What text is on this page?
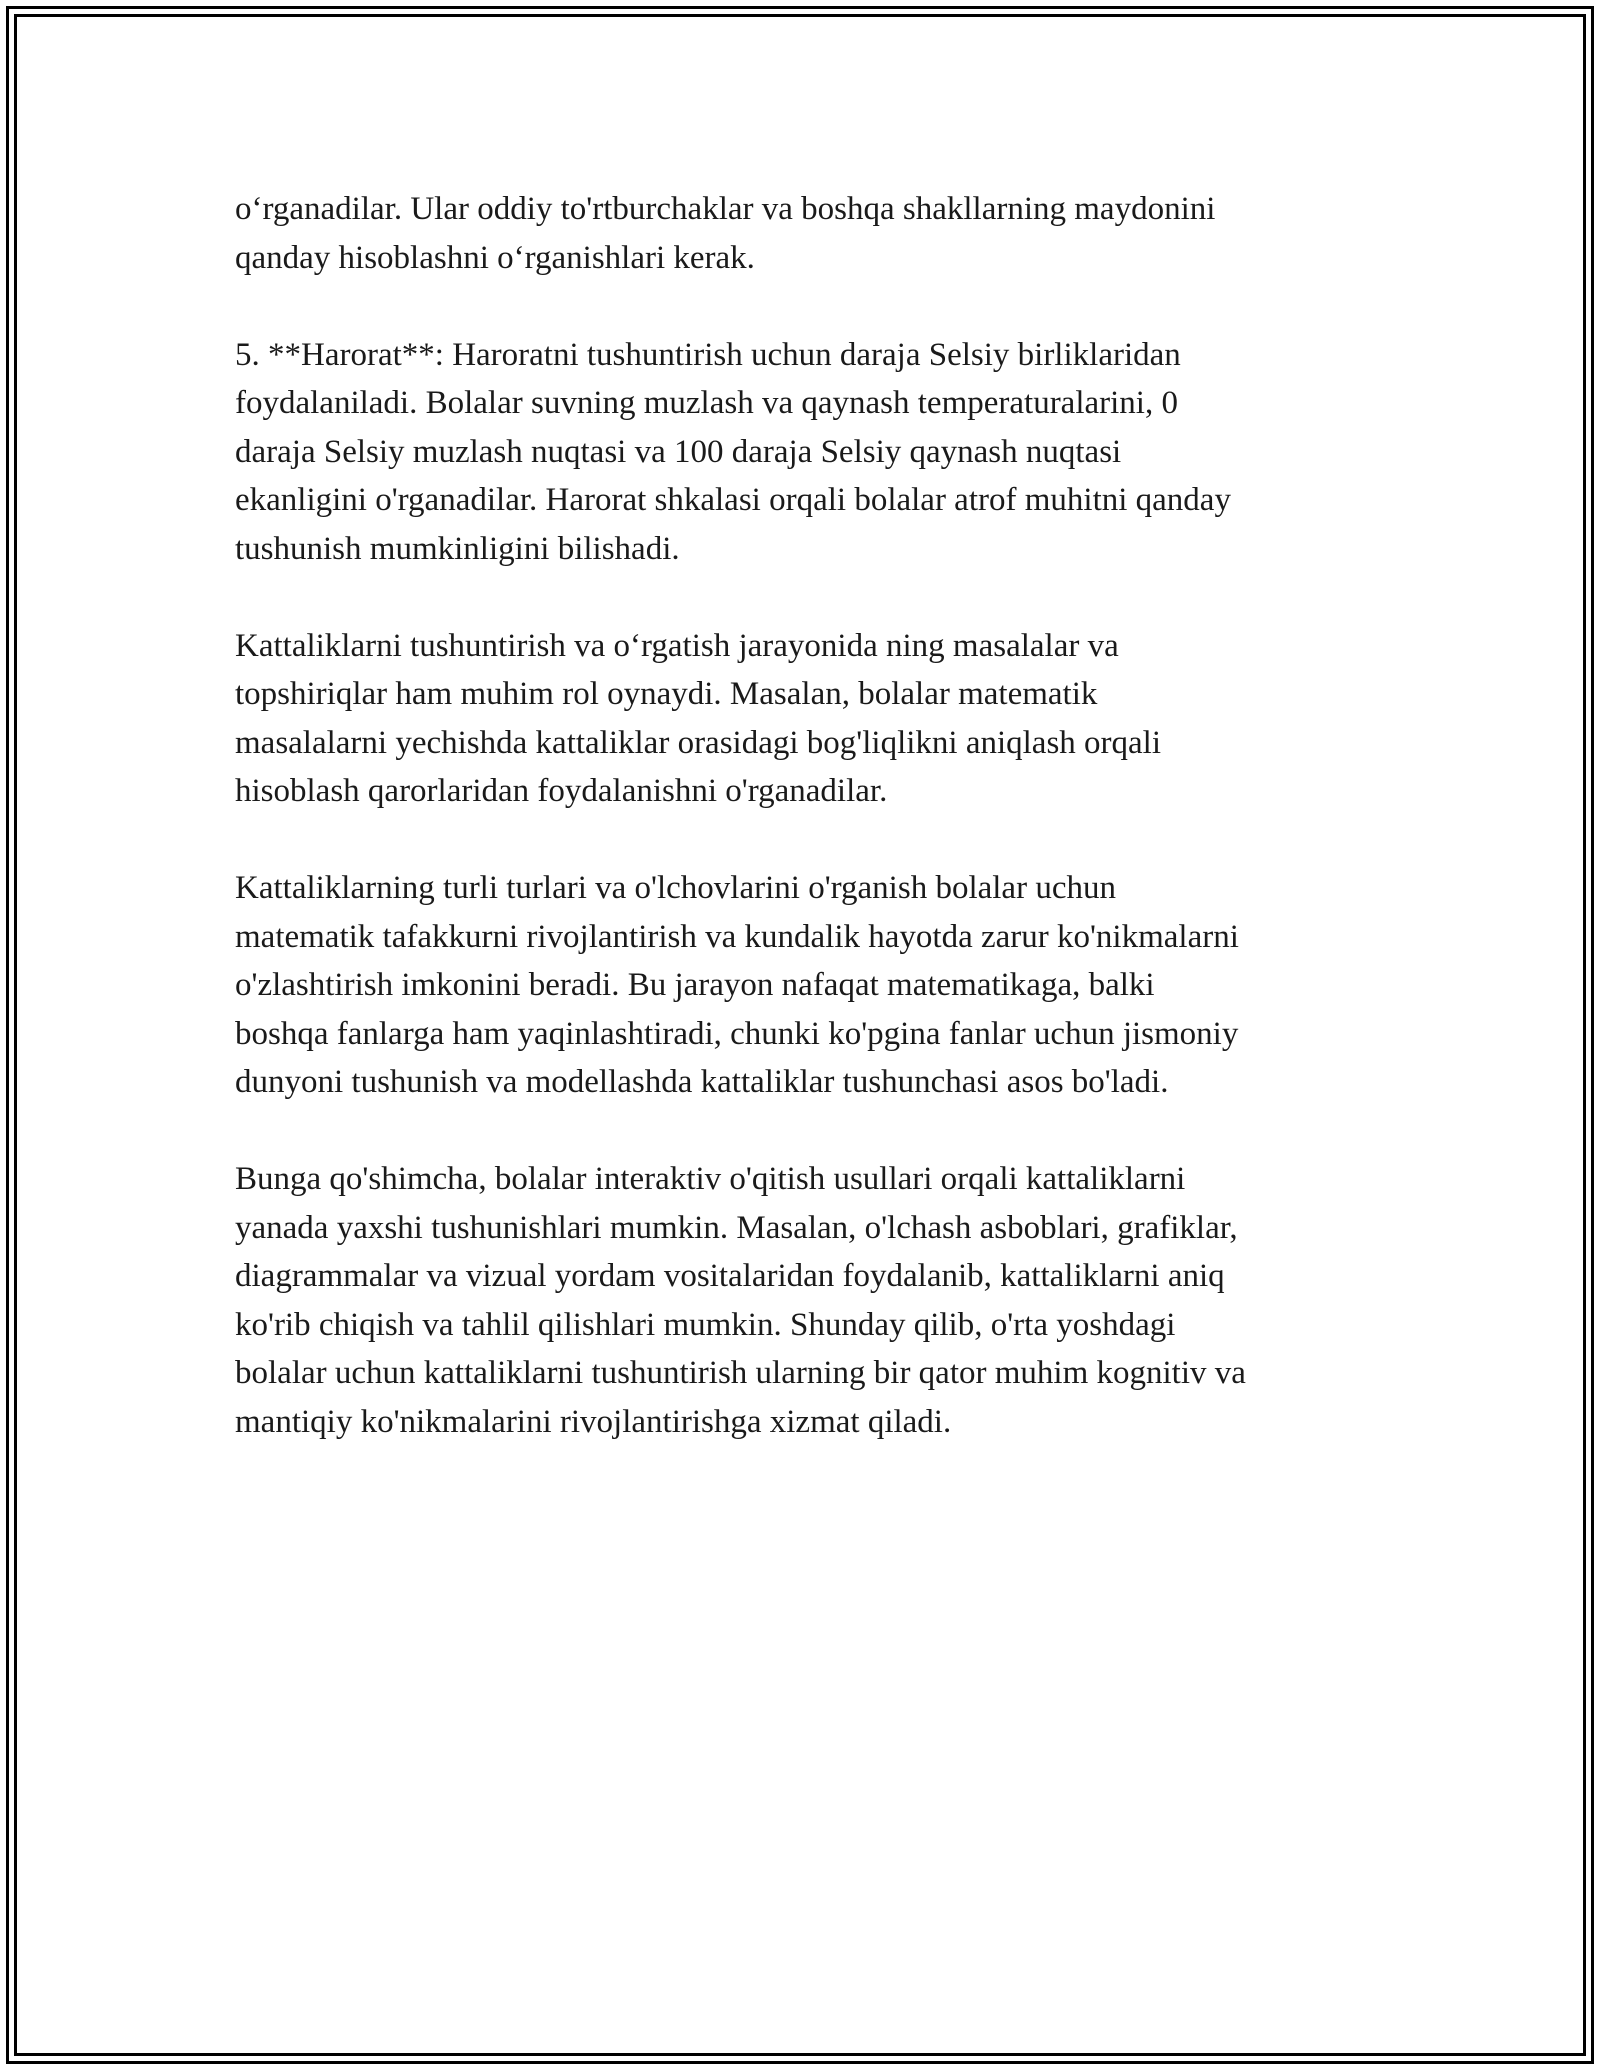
o‘rganadilar. Ular oddiy to'rtburchaklar va boshqa shakllarning maydonini
qanday hisoblashni o‘rganishlari kerak.

5. **Harorat**: Haroratni tushuntirish uchun daraja Selsiy birliklaridan
foydalaniladi. Bolalar suvning muzlash va qaynash temperaturalarini, 0
daraja Selsiy muzlash nuqtasi va 100 daraja Selsiy qaynash nuqtasi
ekanligini o'rganadilar. Harorat shkalasi orqali bolalar atrof muhitni qanday
tushunish mumkinligini bilishadi.

Kattaliklarni tushuntirish va o‘rgatish jarayonida ning masalalar va
topshiriqlar ham muhim rol oynaydi. Masalan, bolalar matematik
masalalarni yechishda kattaliklar orasidagi bog'liqlikni aniqlash orqali
hisoblash qarorlaridan foydalanishni o'rganadilar.

Kattaliklarning turli turlari va o'lchovlarini o'rganish bolalar uchun
matematik tafakkurni rivojlantirish va kundalik hayotda zarur ko'nikmalarni
o'zlashtirish imkonini beradi. Bu jarayon nafaqat matematikaga, balki
boshqa fanlarga ham yaqinlashtiradi, chunki ko'pgina fanlar uchun jismoniy
dunyoni tushunish va modellashda kattaliklar tushunchasi asos bo'ladi.

Bunga qo'shimcha, bolalar interaktiv o'qitish usullari orqali kattaliklarni
yanada yaxshi tushunishlari mumkin. Masalan, o'lchash asboblari, grafiklar,
diagrammalar va vizual yordam vositalaridan foydalanib, kattaliklarni aniq
ko'rib chiqish va tahlil qilishlari mumkin. Shunday qilib, o'rta yoshdagi
bolalar uchun kattaliklarni tushuntirish ularning bir qator muhim kognitiv va
mantiqiy ko'nikmalarini rivojlantirishga xizmat qiladi.
